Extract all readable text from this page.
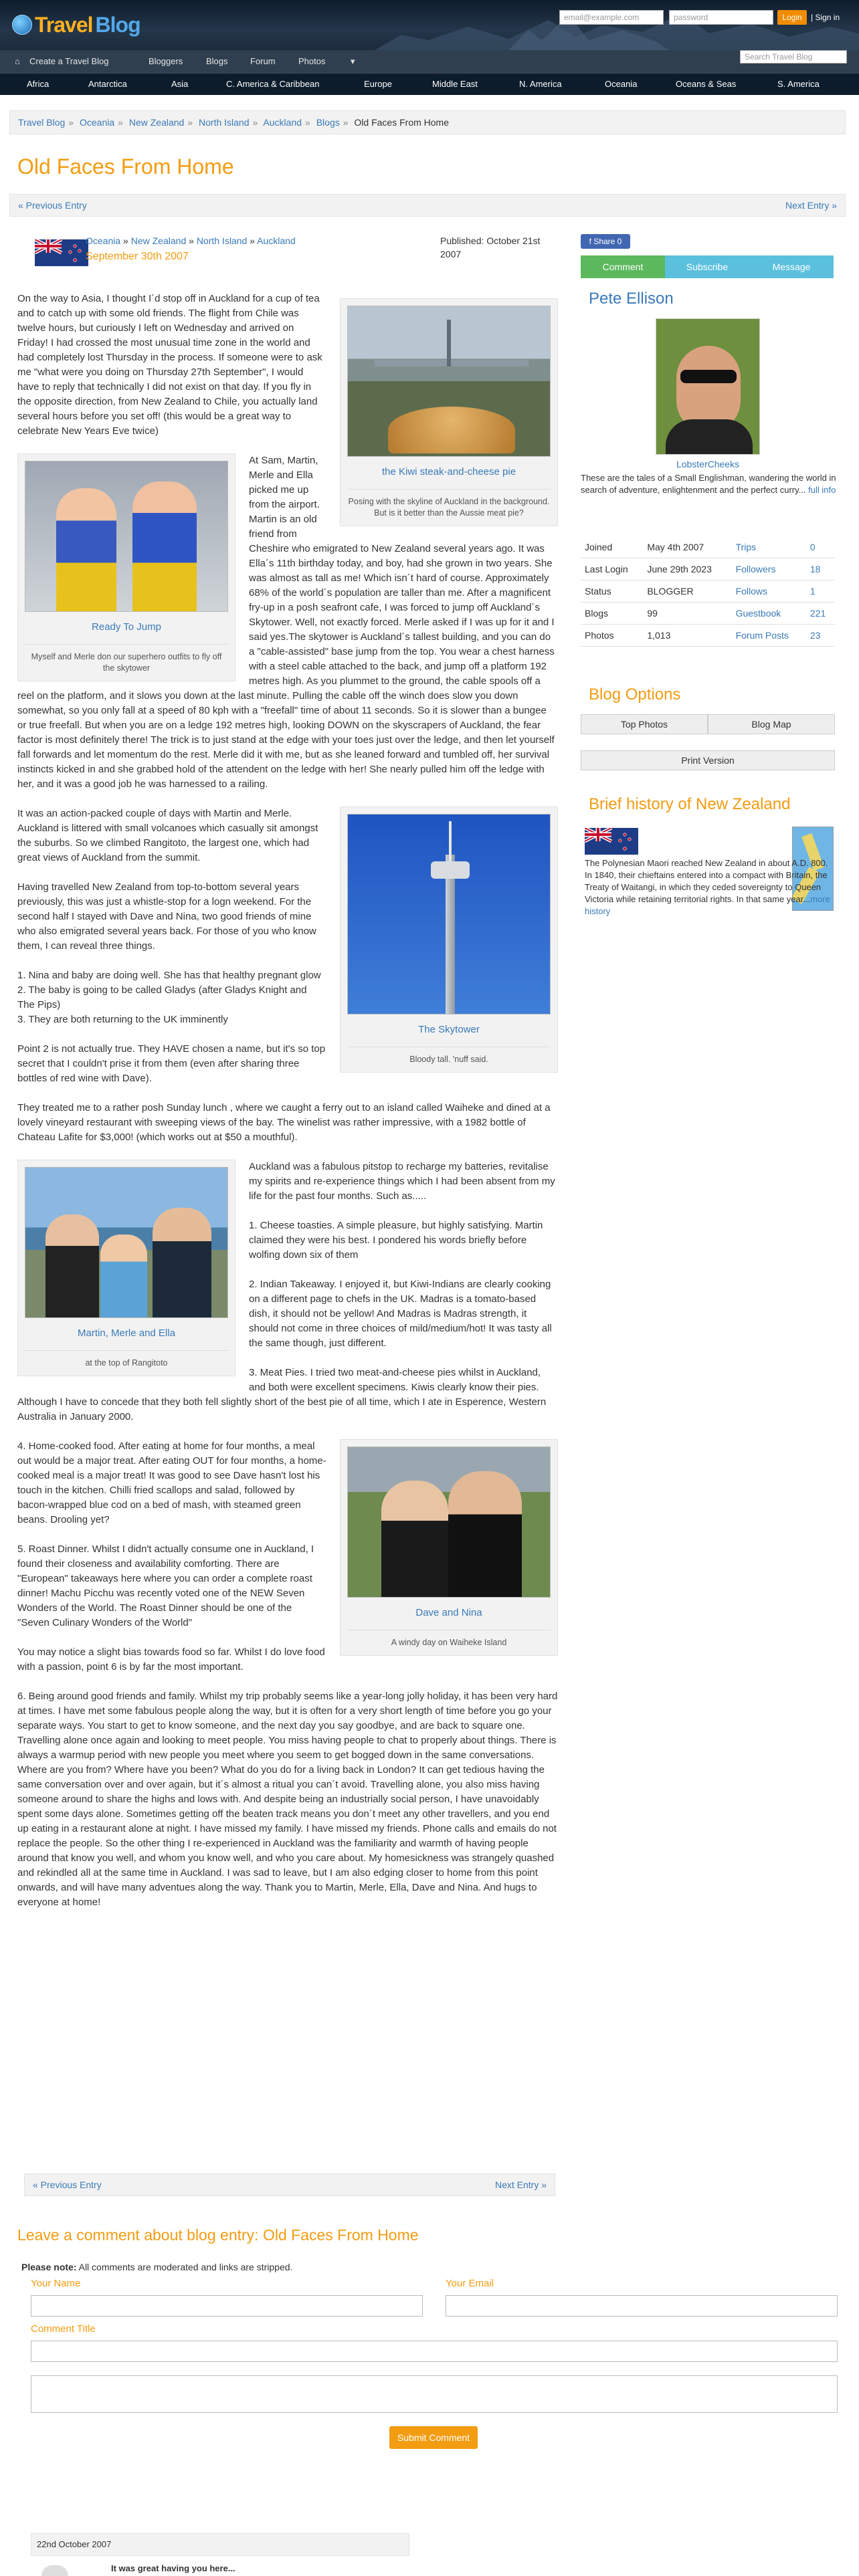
Travel Blog	email@example.com	password	Login	| Sign in
⌂ Create a Travel Blog	Bloggers	Blogs	Forum	Photos	▾	Search Travel Blog
Africa	Antarctica	Asia	C. America & Caribbean	Europe	Middle East	N. America	Oceania	Oceans & Seas	S. America
Travel Blog » Oceania » New Zealand » North Island » Auckland » Blogs » Old Faces From Home
Old Faces From Home
« Previous Entry	Next Entry »
Oceania » New Zealand » North Island » Auckland
September 30th 2007
Published: October 21st 2007
the Kiwi steak-and-cheese pie
Posing with the skyline of Auckland in the background. But is it better than the Aussie meat pie?

On the way to Asia, I thought I´d stop off in Auckland for a cup of tea and to catch up with some old friends. The flight from Chile was twelve hours, but curiously I left on Wednesday and arrived on Friday! I had crossed the most unusual time zone in the world and had completely lost Thursday in the process. If someone were to ask me "what were you doing on Thursday 27th September", I would have to reply that technically I did not exist on that day. If you fly in the opposite direction, from New Zealand to Chile, you actually land several hours before you set off! (this would be a great way to celebrate New Years Eve twice)

Ready To Jump
Myself and Merle don our superhero outfits to fly off the skytower

At Sam, Martin, Merle and Ella picked me up from the airport. Martin is an old friend from Cheshire who emigrated to New Zealand several years ago. It was Ella´s 11th birthday today, and boy, had she grown in two years. She was almost as tall as me! Which isn´t hard of course. Approximately 68% of the world´s population are taller than me. After a magnificent fry-up in a posh seafront cafe, I was forced to jump off Auckland´s Skytower. Well, not exactly forced. Merle asked if I was up for it and I said yes.The skytower is Auckland´s tallest building, and you can do a "cable-assisted" base jump from the top. You wear a chest harness with a steel cable attached to the back, and jump off a platform 192 metres high. As you plummet to the ground, the cable spools off a reel on the platform, and it slows you down at the last minute. Pulling the cable off the winch does slow you down somewhat, so you only fall at a speed of 80 kph with a "freefall" time of about 11 seconds. So it is slower than a bungee or true freefall. But when you are on a ledge 192 metres high, looking DOWN on the skyscrapers of Auckland, the fear factor is most definitely there! The trick is to just stand at the edge with your toes just over the ledge, and then let yourself fall forwards and let momentum do the rest. Merle did it with me, but as she leaned forward and tumbled off, her survival instincts kicked in and she grabbed hold of the attendent on the ledge with her! She nearly pulled him off the ledge with her, and it was a good job he was harnessed to a railing.

The Skytower
Bloody tall. 'nuff said.

It was an action-packed couple of days with Martin and Merle. Auckland is littered with small volcanoes which casually sit amongst the suburbs. So we climbed Rangitoto, the largest one, which had great views of Auckland from the summit.

Having travelled New Zealand from top-to-bottom several years previously, this was just a whistle-stop for a logn weekend. For the second half I stayed with Dave and Nina, two good friends of mine who also emigrated several years back. For those of you who know them, I can reveal three things.

1. Nina and baby are doing well. She has that healthy pregnant glow
2. The baby is going to be called Gladys (after Gladys Knight and The Pips)
3. They are both returning to the UK imminently

Point 2 is not actually true. They HAVE chosen a name, but it's so top secret that I couldn't prise it from them (even after sharing three bottles of red wine with Dave).

They treated me to a rather posh Sunday lunch , where we caught a ferry out to an island called Waiheke and dined at a lovely vineyard restaurant with sweeping views of the bay. The winelist was rather impressive, with a 1982 bottle of Chateau Lafite for $3,000! (which works out at $50 a mouthful).

Martin, Merle and Ella
at the top of Rangitoto

Auckland was a fabulous pitstop to recharge my batteries, revitalise my spirits and re-experience things which I had been absent from my life for the past four months. Such as.....

1. Cheese toasties. A simple pleasure, but highly satisfying. Martin claimed they were his best. I pondered his words briefly before wolfing down six of them

2. Indian Takeaway. I enjoyed it, but Kiwi-Indians are clearly cooking on a different page to chefs in the UK. Madras is a tomato-based dish, it should not be yellow! And Madras is Madras strength, it should not come in three choices of mild/medium/hot! It was tasty all the same though, just different.

3. Meat Pies. I tried two meat-and-cheese pies whilst in Auckland, and both were excellent specimens. Kiwis clearly know their pies. Although I have to concede that they both fell slightly short of the best pie of all time, which I ate in Esperence, Western Australia in January 2000.

Dave and Nina
A windy day on Waiheke Island

4. Home-cooked food. After eating at home for four months, a meal out would be a major treat. After eating OUT for four months, a home-cooked meal is a major treat! It was good to see Dave hasn't lost his touch in the kitchen. Chilli fried scallops and salad, followed by bacon-wrapped blue cod on a bed of mash, with steamed green beans. Drooling yet?

5. Roast Dinner. Whilst I didn't actually consume one in Auckland, I found their closeness and availability comforting. There are "European" takeaways here where you can order a complete roast dinner! Machu Picchu was recently voted one of the NEW Seven Wonders of the World. The Roast Dinner should be one of the "Seven Culinary Wonders of the World"

You may notice a slight bias towards food so far. Whilst I do love food with a passion, point 6 is by far the most important.

6. Being around good friends and family. Whilst my trip probably seems like a year-long jolly holiday, it has been very hard at times. I have met some fabulous people along the way, but it is often for a very short length of time before you go your separate ways. You start to get to know someone, and the next day you say goodbye, and are back to square one. Travelling alone once again and looking to meet people. You miss having people to chat to properly about things. There is always a warmup period with new people you meet where you seem to get bogged down in the same conversations. Where are you from? Where have you been? What do you do for a living back in London? It can get tedious having the same conversation over and over again, but it´s almost a ritual you can´t avoid. Travelling alone, you also miss having someone around to share the highs and lows with. And despite being an industrially social person, I have unavoidably spent some days alone. Sometimes getting off the beaten track means you don´t meet any other travellers, and you end up eating in a restaurant alone at night. I have missed my family. I have missed my friends. Phone calls and emails do not replace the people. So the other thing I re-experienced in Auckland was the familiarity and warmth of having people around that know you well, and whom you know well, and who you care about. My homesickness was strangely quashed and rekindled all at the same time in Auckland. I was sad to leave, but I am also edging closer to home from this point onwards, and will have many adventues along the way. Thank you to Martin, Merle, Ella, Dave and Nina. And hugs to everyone at home!

« Previous Entry	Next Entry »
f Share 0
Comment	Subscribe	Message
Pete Ellison
LobsterCheeks
These are the tales of a Small Englishman, wandering the world in search of adventure, enlightenment and the perfect curry... full info
Joined	May 4th 2007	Trips	0
Last Login	June 29th 2023	Followers	18
Status	BLOGGER	Follows	1
Blogs	99	Guestbook	221
Photos	1,013	Forum Posts	23
Blog Options
Top Photos	Blog Map
Print Version
Brief history of New Zealand
The Polynesian Maori reached New Zealand in about A.D. 800. In 1840, their chieftains entered into a compact with Britain, the Treaty of Waitangi, in which they ceded sovereignty to Queen Victoria while retaining territorial rights. In that same year...more history
Leave a comment about blog entry: Old Faces From Home
Please note: All comments are moderated and links are stripped.
Your Name	Your Email
Comment Title
Submit Comment
22nd October 2007
It was great having you here...
